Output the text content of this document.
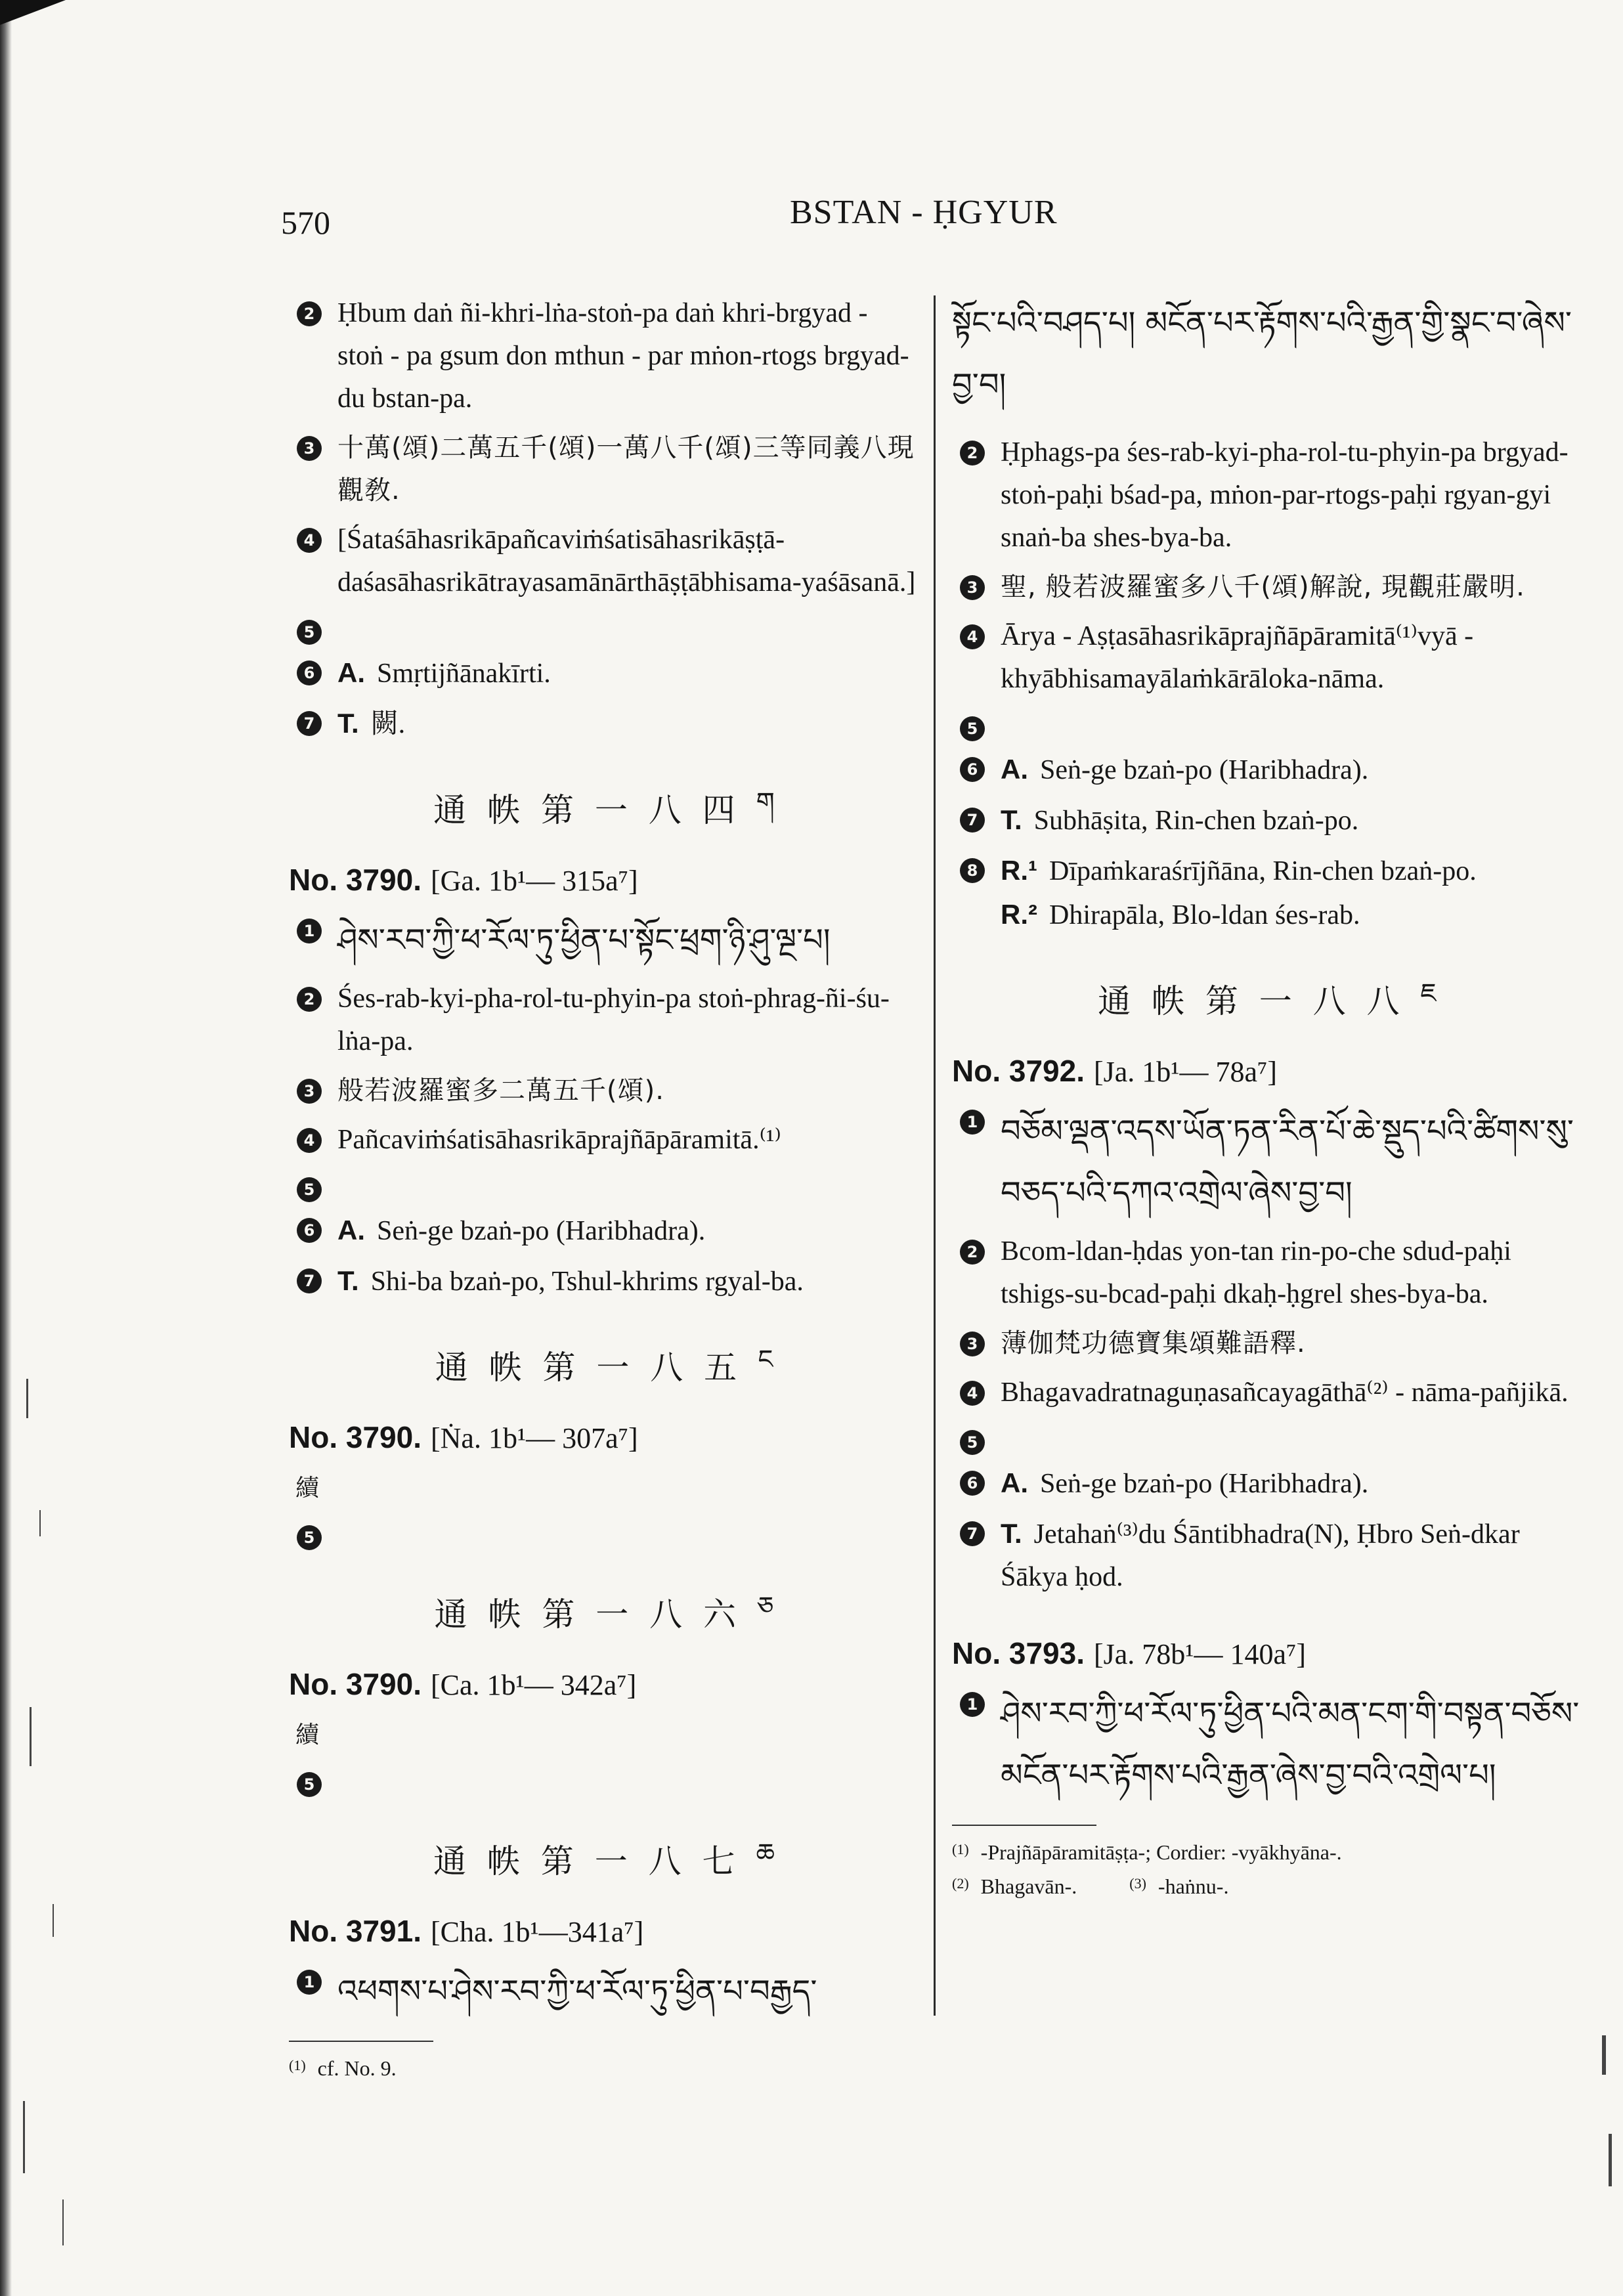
570	BSTAN - ḤGYUR
2 Ḥbum daṅ ñi-khri-lṅa-stoṅ-pa daṅ khri-brgyad - stoṅ - pa gsum don mthun - par mṅon-rtogs brgyad-du bstan-pa.
3 十萬(頌)二萬五千(頌)一萬八千(頌)三等同義八現觀敎.
4 [Śataśāhasrikāpañcaviṁśatisāhasrikāṣṭā-daśasāhasrikātrayasamānārthāṣṭābhisama-yaśāsanā.]
5
6 A. Smṛtijñānakīrti.
7 T. 闕.
通 帙 第 一 八 四 $^ག$
No. 3790. [Ga. 1b¹— 315a⁷]
1 ཤེས་རབ་ཀྱི་ཕ་རོལ་ཏུ་ཕྱིན་པ་སྟོང་ཕྲག་ཉི་ཤུ་ལྔ་པ།
2 Śes-rab-kyi-pha-rol-tu-phyin-pa stoṅ-phrag-ñi-śu-lṅa-pa.
3 般若波羅蜜多二萬五千(頌).
4 Pañcaviṁśatisāhasrikāprajñāpāramitā.⁽¹⁾
5
6 A. Seṅ-ge bzaṅ-po (Haribhadra).
7 T. Shi-ba bzaṅ-po, Tshul-khrims rgyal-ba.
通 帙 第 一 八 五 $^ང$
No. 3790. [Ṅa. 1b¹— 307a⁷]
續
5
通 帙 第 一 八 六 $^ཅ$
No. 3790. [Ca. 1b¹— 342a⁷]
續
5
通 帙 第 一 八 七 $^ཆ$
No. 3791. [Cha. 1b¹—341a⁷]
1 འཕགས་པ་ཤེས་རབ་ཀྱི་ཕ་རོལ་ཏུ་ཕྱིན་པ་བརྒྱད་
$^{(1)}$ cf. No. 9.
སྟོང་པའི་བཤད་པ། མངོན་པར་རྟོགས་པའི་རྒྱན་གྱི་སྣང་བ་ཞེས་བྱ་བ།
2 Ḥphags-pa śes-rab-kyi-pha-rol-tu-phyin-pa brgyad-stoṅ-paḥi bśad-pa, mṅon-par-rtogs-paḥi rgyan-gyi snaṅ-ba shes-bya-ba.
3 聖, 般若波羅蜜多八千(頌)解說, 現觀莊嚴明.
4 Ārya - Aṣṭasāhasrikāprajñāpāramitā⁽¹⁾vyā - khyābhisamayālaṁkārāloka-nāma.
5
6 A. Seṅ-ge bzaṅ-po (Haribhadra).
7 T. Subhāṣita, Rin-chen bzaṅ-po.
8 R.¹ Dīpaṁkaraśrījñāna, Rin-chen bzaṅ-po.
R.² Dhirapāla, Blo-ldan śes-rab.
通 帙 第 一 八 八 $^ཇ$
No. 3792. [Ja. 1b¹— 78a⁷]
1 བཅོམ་ལྡན་འདས་ཡོན་ཏན་རིན་པོ་ཆེ་སྡུད་པའི་ཚིགས་སུ་བཅད་པའི་དཀའ་འགྲེལ་ཞེས་བྱ་བ།
2 Bcom-ldan-ḥdas yon-tan rin-po-che sdud-paḥi tshigs-su-bcad-paḥi dkaḥ-ḥgrel shes-bya-ba.
3 薄伽梵功德寶集頌難語釋.
4 Bhagavadratnaguṇasañcayagāthā⁽²⁾ - nāma-pañjikā.
5
6 A. Seṅ-ge bzaṅ-po (Haribhadra).
7 T. Jetahaṅ⁽³⁾du Śāntibhadra(N), Ḥbro Seṅ-dkar Śākya ḥod.
No. 3793. [Ja. 78b¹— 140a⁷]
1 ཤེས་རབ་ཀྱི་ཕ་རོལ་ཏུ་ཕྱིན་པའི་མན་ངག་གི་བསྟན་བཅོས་མངོན་པར་རྟོགས་པའི་རྒྱན་ཞེས་བྱ་བའི་འགྲེལ་པ།
$^{(1)}$ -Prajñāpāramitāṣṭa-; Cordier: -vyākhyāna-.
$^{(2)}$ Bhagavān-.	$^{(3)}$ -haṅnu-.
